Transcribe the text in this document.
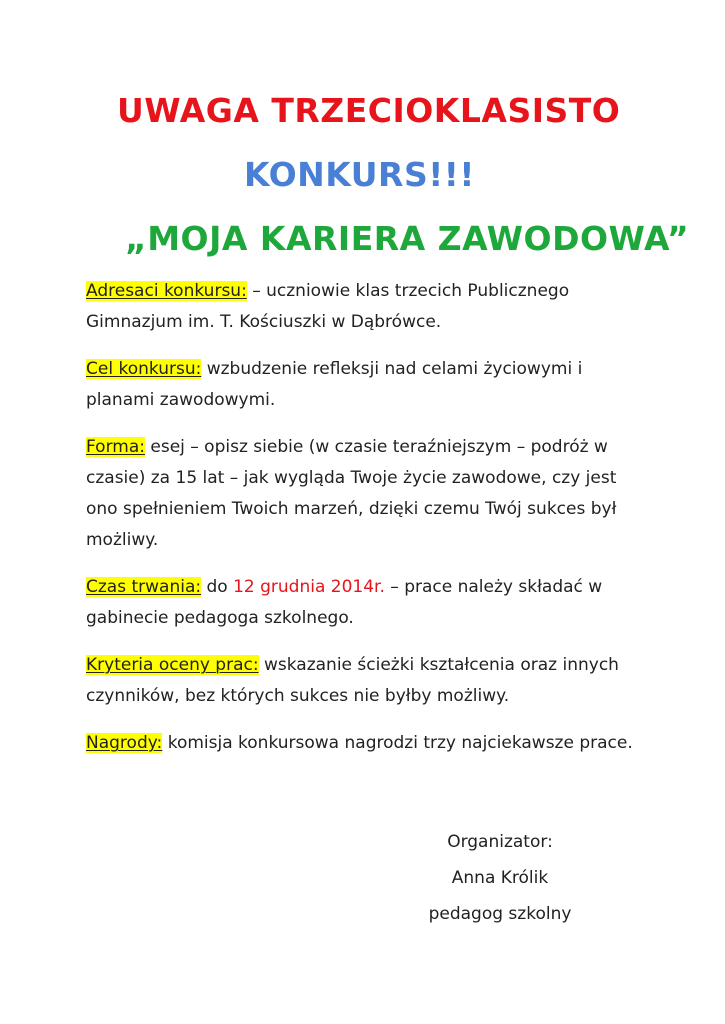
UWAGA TRZECIOKLASISTO
KONKURS!!!
„MOJA KARIERA ZAWODOWA”

Adresaci konkursu: – uczniowie klas trzecich Publicznego Gimnazjum im. T. Kościuszki w Dąbrówce.

Cel konkursu: wzbudzenie refleksji nad celami życiowymi i planami zawodowymi.

Forma: esej – opisz siebie (w czasie teraźniejszym – podróż w czasie) za 15 lat – jak wygląda Twoje życie zawodowe, czy jest ono spełnieniem Twoich marzeń, dzięki czemu Twój sukces był możliwy.

Czas trwania: do 12 grudnia 2014r. – prace należy składać w gabinecie pedagoga szkolnego.

Kryteria oceny prac: wskazanie ścieżki kształcenia oraz innych czynników, bez których sukces nie byłby możliwy.

Nagrody: komisja konkursowa nagrodzi trzy najciekawsze prace.

Organizator:
Anna Królik
pedagog szkolny
